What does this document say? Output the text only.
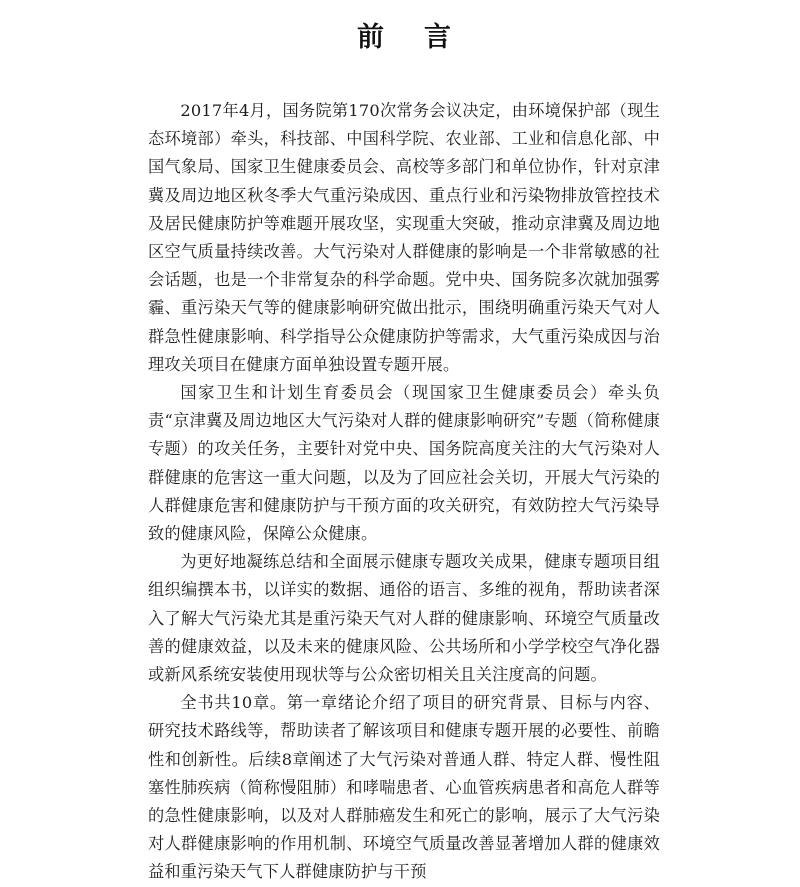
前言

2017年4月，国务院第170次常务会议决定，由环境保护部（现生态环境部）牵头，科技部、中国科学院、农业部、工业和信息化部、中国气象局、国家卫生健康委员会、高校等多部门和单位协作，针对京津冀及周边地区秋冬季大气重污染成因、重点行业和污染物排放管控技术及居民健康防护等难题开展攻坚，实现重大突破，推动京津冀及周边地区空气质量持续改善。大气污染对人群健康的影响是一个非常敏感的社会话题，也是一个非常复杂的科学命题。党中央、国务院多次就加强雾霾、重污染天气等的健康影响研究做出批示，围绕明确重污染天气对人群急性健康影响、科学指导公众健康防护等需求，大气重污染成因与治理攻关项目在健康方面单独设置专题开展。

国家卫生和计划生育委员会（现国家卫生健康委员会）牵头负责“京津冀及周边地区大气污染对人群的健康影响研究”专题（简称健康专题）的攻关任务，主要针对党中央、国务院高度关注的大气污染对人群健康的危害这一重大问题，以及为了回应社会关切，开展大气污染的人群健康危害和健康防护与干预方面的攻关研究，有效防控大气污染导致的健康风险，保障公众健康。

为更好地凝练总结和全面展示健康专题攻关成果，健康专题项目组组织编撰本书，以详实的数据、通俗的语言、多维的视角，帮助读者深入了解大气污染尤其是重污染天气对人群的健康影响、环境空气质量改善的健康效益，以及未来的健康风险、公共场所和小学学校空气净化器或新风系统安装使用现状等与公众密切相关且关注度高的问题。

全书共10章。第一章绪论介绍了项目的研究背景、目标与内容、研究技术路线等，帮助读者了解该项目和健康专题开展的必要性、前瞻性和创新性。后续8章阐述了大气污染对普通人群、特定人群、慢性阻塞性肺疾病（简称慢阻肺）和哮喘患者、心血管疾病患者和高危人群等的急性健康影响，以及对人群肺癌发生和死亡的影响，展示了大气污染对人群健康影响的作用机制、环境空气质量改善显著增加人群的健康效益和重污染天气下人群健康防护与干预
